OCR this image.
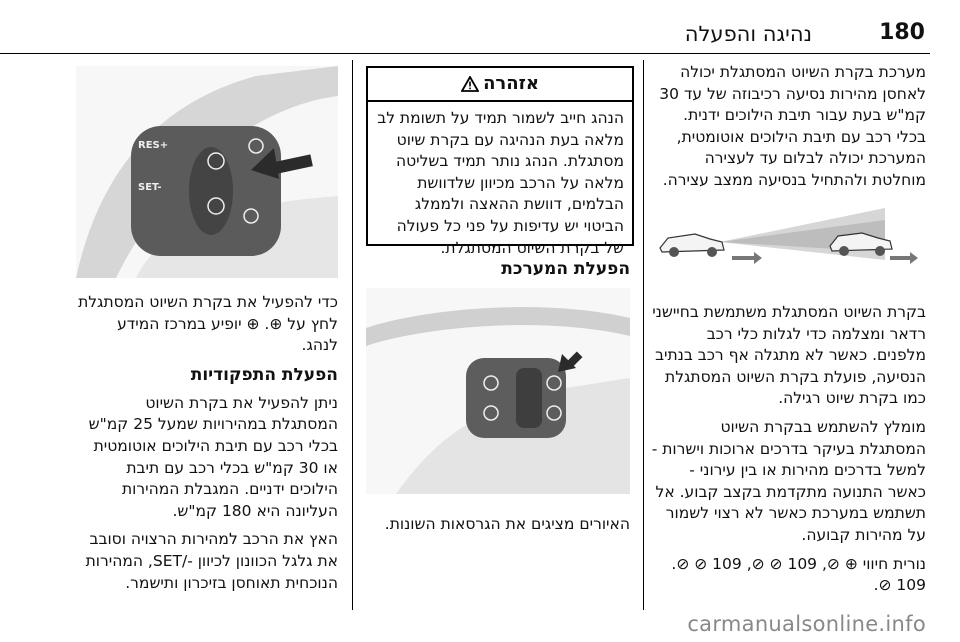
נהיגה והפעלה	180

מערכת בקרת השיוט המסתגלת יכולה לאחסן מהירות נסיעה רכיבוזה של עד 30 קמ"ש בעת עבור תיבת הילוכים ידנית. בכלי רכב עם תיבת הילוכים אוטומטית, המערכת יכולה לבלום עד לעצירה מוחלטת ולהתחיל בנסיעה ממצב עצירה.

בקרת השיוט המסתגלת משתמשת בחיישני רדאר ומצלמה כדי לגלות כלי רכב מלפנים. כאשר לא מתגלה אף רכב בנתיב הנסיעה, פועלת בקרת השיוט המסתגלת כמו בקרת שיוט רגילה.

מומלץ להשתמש בבקרת השיוט המסתגלת בעיקר בדרכים ארוכות וישרות - למשל בדרכים מהירות או בין עירוני - כאשר התנועה מתקדמת בקצב קבוע. אל תשתמש במערכת כאשר לא רצוי לשמור על מהירות קבועה.

נורית חיווי ⊕ ⊘, 109 ⊘ ⊘, 109 ⊘ ⊘.

109 ⊘.

אזהרה
הנהג חייב לשמור תמיד על תשומת לב מלאה בעת הנהיגה עם בקרת שיוט מסתגלת. הנהג נותר תמיד בשליטה מלאה על הרכב מכיוון שלדוושת הבלמים, דוושת ההאצה ולממלג הביטוי יש עדיפות על פני כל פעולה של בקרת השיוט המסתגלת.
הפעלת המערכת

האיורים מציגים את הגרסאות השונות.

RES+
SET-

כדי להפעיל את בקרת השיוט המסתגלת לחץ על ⊕. ⊕ יופיע במרכז המידע לנהג.

הפעלת התפקודיות

ניתן להפעיל את בקרת השיוט המסתגלת במהירויות שמעל 25 קמ"ש בכלי רכב עם תיבת הילוכים אוטומטית או 30 קמ"ש בכלי רכב עם תיבת הילוכים ידניים. המגבלת המהירות העליונה היא 180 קמ"ש.

האץ את הרכב למהירות הרצויה וסובב את גלגל הכוונון לכיוון -/SET, המהירות הנוכחית תאוחסן בזיכרון ותישמר.

carmanualsonline.info
